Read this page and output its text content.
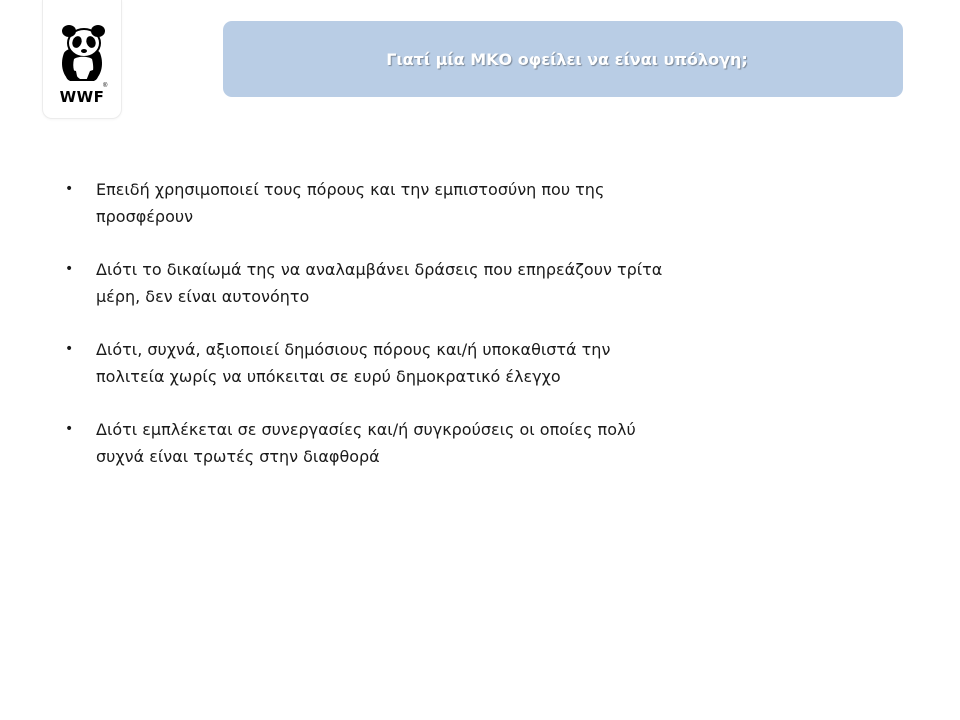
®
WWF
Γιατί μία ΜΚΟ οφείλει να είναι υπόλογη;
• Επειδή χρησιμοποιεί τους πόρους και την εμπιστοσύνη που της
προσφέρουν
• Διότι το δικαίωμά της να αναλαμβάνει δράσεις που επηρεάζουν τρίτα
μέρη, δεν είναι αυτονόητο
• Διότι, συχνά, αξιοποιεί δημόσιους πόρους και/ή υποκαθιστά την
πολιτεία χωρίς να υπόκειται σε ευρύ δημοκρατικό έλεγχο
• Διότι εμπλέκεται σε συνεργασίες και/ή συγκρούσεις οι οποίες πολύ
συχνά είναι τρωτές στην διαφθορά
